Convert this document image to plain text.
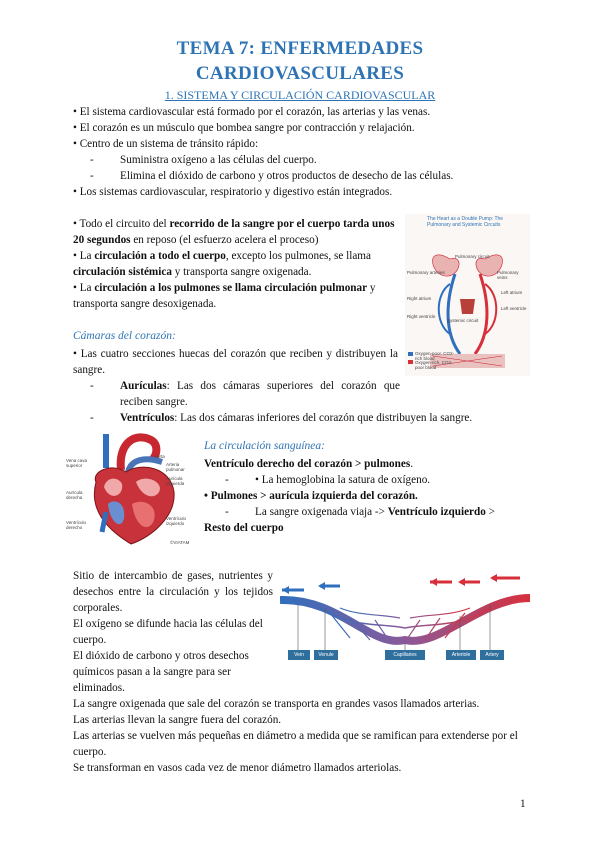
TEMA 7: ENFERMEDADES
CARDIOVASCULARES
1. SISTEMA Y CIRCULACIÓN CARDIOVASCULAR
• El sistema cardiovascular está formado por el corazón, las arterias y las venas.
• El corazón es un músculo que bombea sangre por contracción y relajación.
• Centro de un sistema de tránsito rápido:
- Suministra oxígeno a las células del cuerpo.
- Elimina el dióxido de carbono y otros productos de desecho de las células.
• Los sistemas cardiovascular, respiratorio y digestivo están integrados.
• Todo el circuito del recorrido de la sangre por el cuerpo tarda unos 20 segundos en reposo (el esfuerzo acelera el proceso)
• La circulación a todo el cuerpo, excepto los pulmones, se llama circulación sistémica y transporta sangre oxigenada.
• La circulación a los pulmones se llama circulación pulmonar y transporta sangre desoxigenada.
The Heart as a Double Pump: The Pulmonary and Systemic Circuits
Pulmonary circuit
Systemic circuit
Pulmonary arteries	Pulmonary veins
Right atrium
Left atrium
Right ventricle
Left ventricle
Oxygen-poor, CO2-rich blood
Oxygen-rich, CO2-poor blood
Cámaras del corazón:
• Las cuatro secciones huecas del corazón que reciben y distribuyen la sangre.
-	Aurículas: Las dos cámaras superiores del corazón que reciben sangre.
- Ventrículos: Las dos cámaras inferiores del corazón que distribuyen la sangre.
Vena cava superior
Aorta
Aurícula derecha
Aurícula izquierda
Arteria pulmonar
Ventrículo derecho
Ventrículo izquierdo
©VIATAM
La circulación sanguínea:
Ventrículo derecho del corazón > pulmones.
- • La hemoglobina la satura de oxígeno.
• Pulmones > aurícula izquierda del corazón.
- La sangre oxigenada viaja -> Ventrículo izquierdo >
Resto del cuerpo
Sitio de intercambio de gases, nutrientes y desechos entre la circulación y los tejidos corporales.
El oxígeno se difunde hacia las células del cuerpo.
El dióxido de carbono y otros desechos químicos pasan a la sangre para ser eliminados.
Vein	Venule	Capillaries	Arteriole	Artery
La sangre oxigenada que sale del corazón se transporta en grandes vasos llamados arterias.
Las arterias llevan la sangre fuera del corazón.
Las arterias se vuelven más pequeñas en diámetro a medida que se ramifican para extenderse por el cuerpo.
Se transforman en vasos cada vez de menor diámetro llamados arteriolas.
1
